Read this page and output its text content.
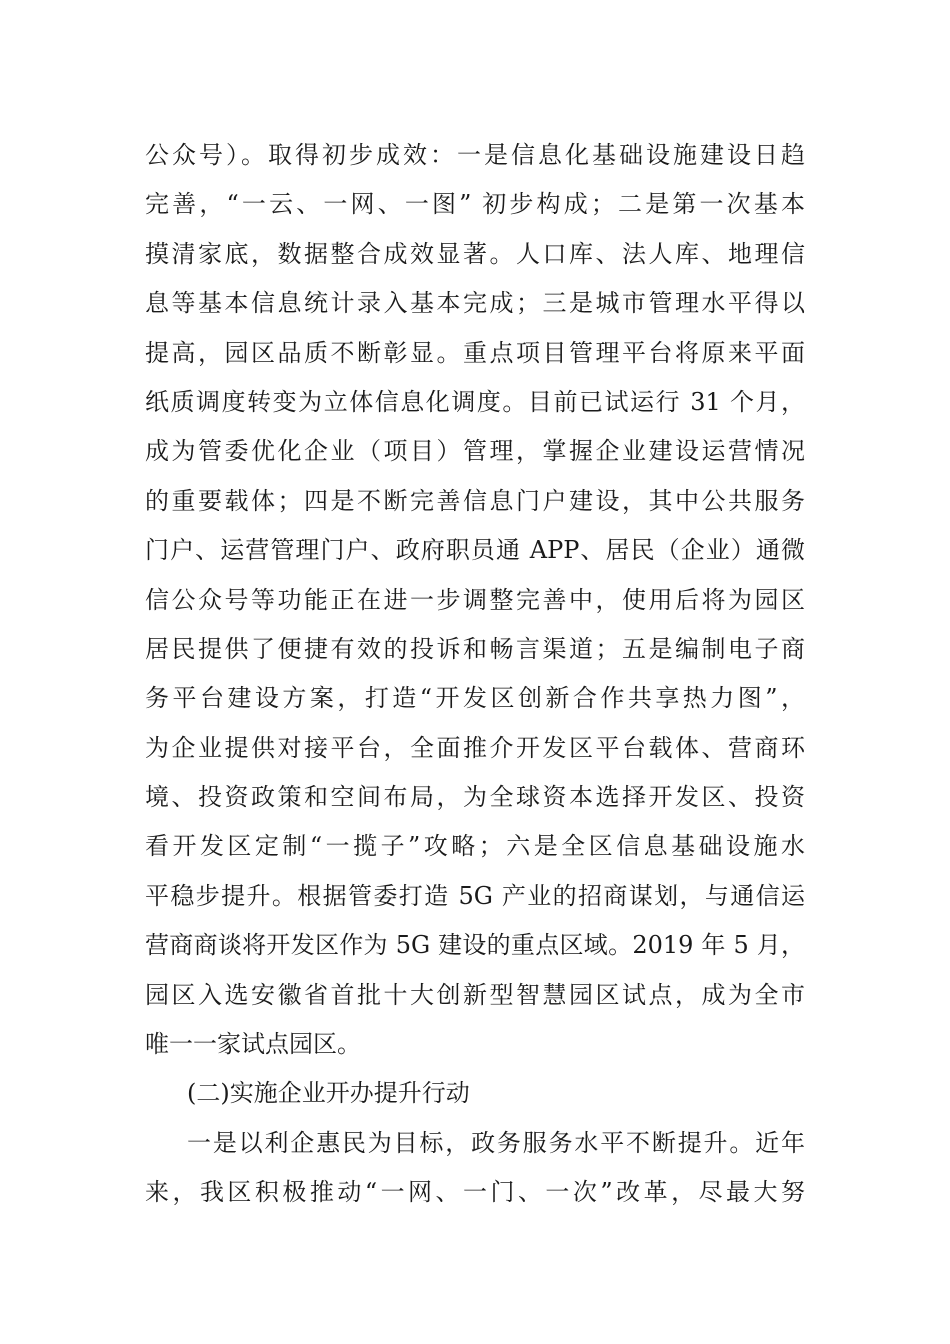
公众号）。取得初步成效：一是信息化基础设施建设日趋
完善，“一云、一网、一图” 初步构成；二是第一次基本
摸清家底，数据整合成效显著。人口库、法人库、地理信
息等基本信息统计录入基本完成；三是城市管理水平得以
提高，园区品质不断彰显。重点项目管理平台将原来平面
纸质调度转变为立体信息化调度。目前已试运行 31 个月，
成为管委优化企业（项目）管理，掌握企业建设运营情况
的重要载体；四是不断完善信息门户建设，其中公共服务
门户、运营管理门户、政府职员通 APP、居民（企业）通微
信公众号等功能正在进一步调整完善中，使用后将为园区
居民提供了便捷有效的投诉和畅言渠道；五是编制电子商
务平台建设方案，打造“开发区创新合作共享热力图”，
为企业提供对接平台，全面推介开发区平台载体、营商环
境、投资政策和空间布局，为全球资本选择开发区、投资
看开发区定制“一揽子”攻略；六是全区信息基础设施水
平稳步提升。根据管委打造 5G 产业的招商谋划，与通信运
营商商谈将开发区作为 5G 建设的重点区域。2019 年 5 月，
园区入选安徽省首批十大创新型智慧园区试点，成为全市
唯一一家试点园区。
(二)实施企业开办提升行动
一是以利企惠民为目标，政务服务水平不断提升。近年
来，我区积极推动“一网、一门、一次”改革，尽最大努
